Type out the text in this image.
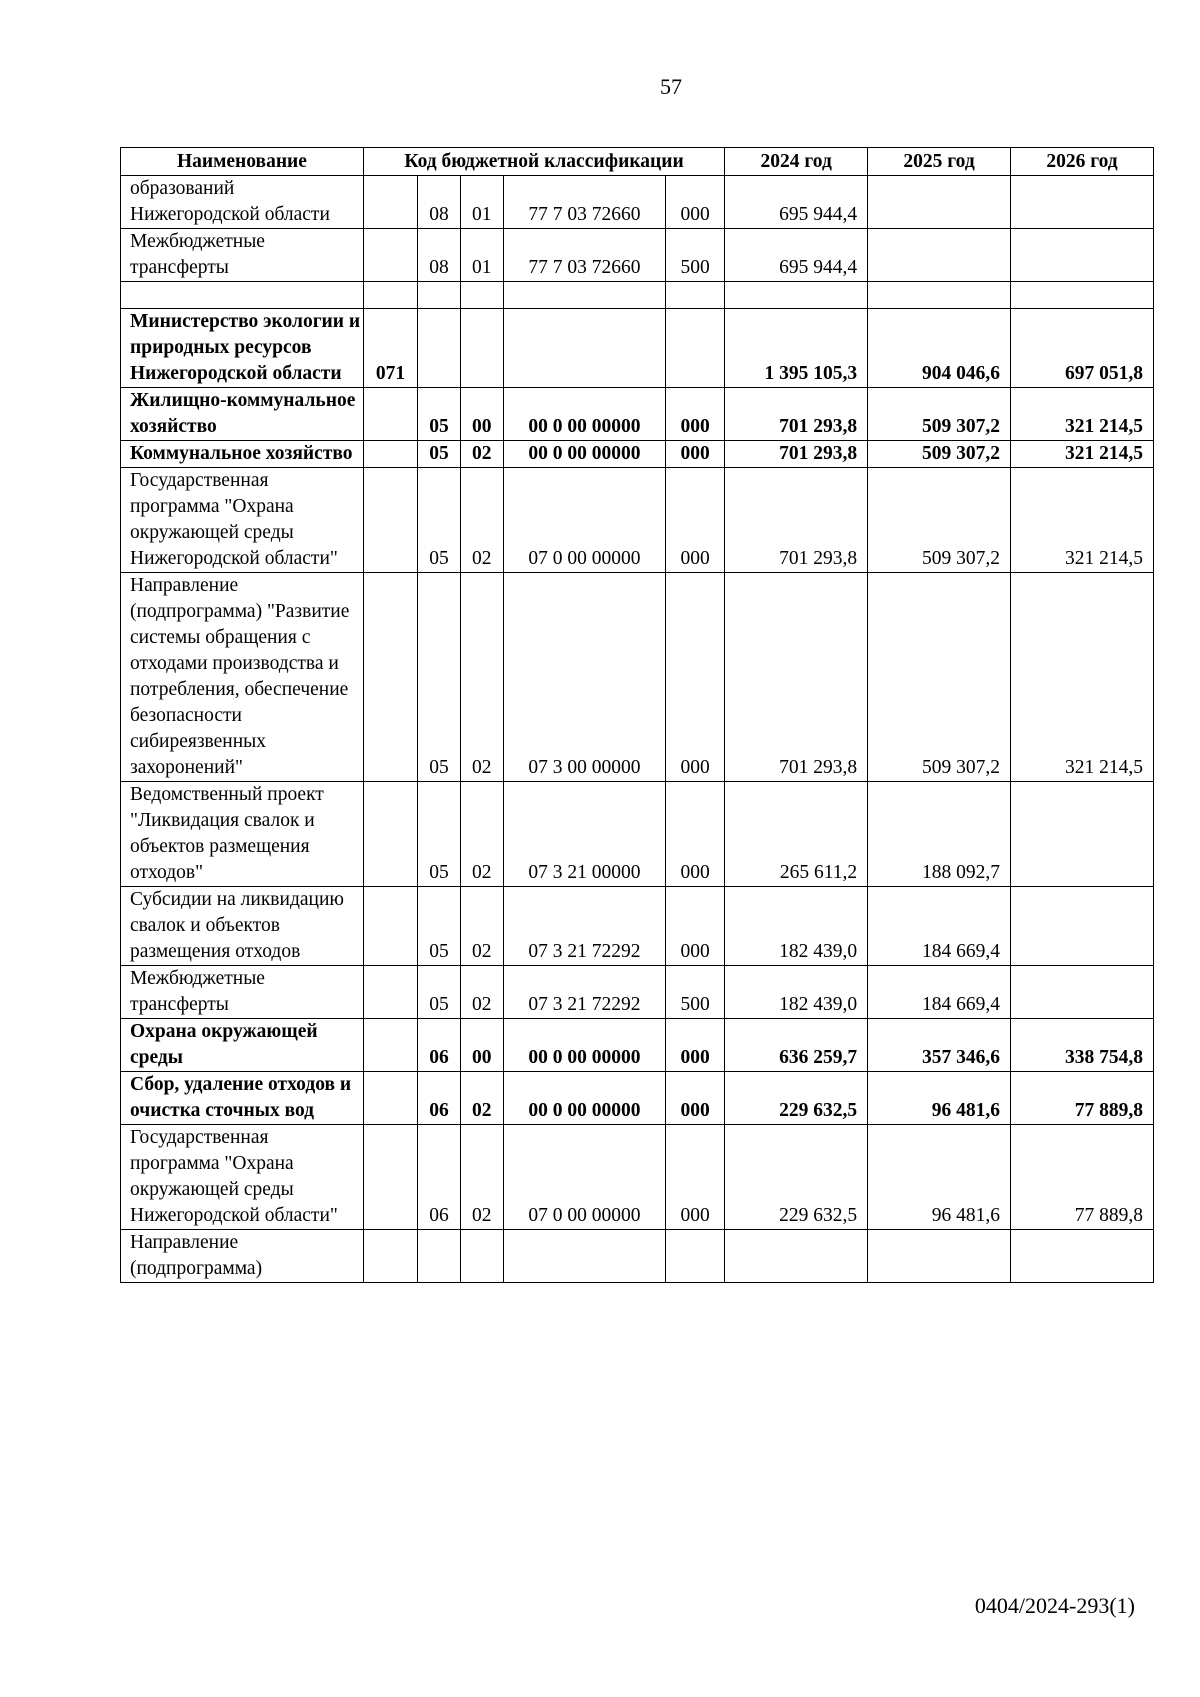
57
Наименование	Код бюджетной классификации					2024 год	2025 год	2026 год
образований Нижегородской области		08	01	77 7 03 72660	000	695 944,4		
Межбюджетные трансферты		08	01	77 7 03 72660	500	695 944,4		

Министерство экологии и природных ресурсов Нижегородской области	071					1 395 105,3	904 046,6	697 051,8
Жилищно-коммунальное хозяйство		05	00	00 0 00 00000	000	701 293,8	509 307,2	321 214,5
Коммунальное хозяйство		05	02	00 0 00 00000	000	701 293,8	509 307,2	321 214,5
Государственная программа "Охрана окружающей среды Нижегородской области"		05	02	07 0 00 00000	000	701 293,8	509 307,2	321 214,5
Направление (подпрограмма) "Развитие системы обращения с отходами производства и потребления, обеспечение безопасности сибиреязвенных захоронений"		05	02	07 3 00 00000	000	701 293,8	509 307,2	321 214,5
Ведомственный проект "Ликвидация свалок и объектов размещения отходов"		05	02	07 3 21 00000	000	265 611,2	188 092,7	
Субсидии на ликвидацию свалок и объектов размещения отходов		05	02	07 3 21 72292	000	182 439,0	184 669,4	
Межбюджетные трансферты		05	02	07 3 21 72292	500	182 439,0	184 669,4	
Охрана окружающей среды		06	00	00 0 00 00000	000	636 259,7	357 346,6	338 754,8
Сбор, удаление отходов и очистка сточных вод		06	02	00 0 00 00000	000	229 632,5	96 481,6	77 889,8
Государственная программа "Охрана окружающей среды Нижегородской области"		06	02	07 0 00 00000	000	229 632,5	96 481,6	77 889,8
Направление (подпрограмма)								
0404/2024-293(1)
